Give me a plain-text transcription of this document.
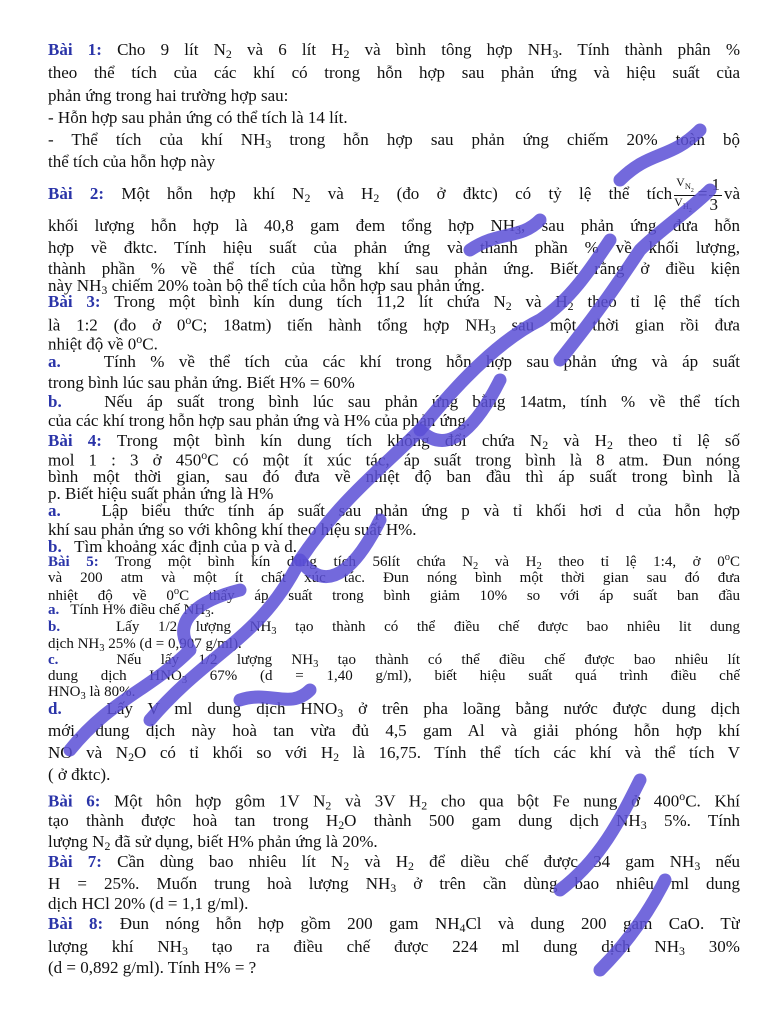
Bài 1: Cho 9 lít $N_2$ và 6 lít $H_2$ và bình tông hợp $NH_3$. Tính thành phân %
theo thể tích của các khí có trong hỗn hợp sau phản ứng và hiệu suất của
phản ứng trong hai trường hợp sau:
- Hỗn hợp sau phản ứng có thể tích là 14 lít.
- Thể tích của khí $NH_3$ trong hỗn hợp sau phản ứng chiếm 20% toàn bộ
thể tích của hỗn hợp này
Bài 2: Một hỗn hợp khí $N_2$ và $H_2$ (đo ở đktc) có tỷ lệ thể tích $\frac{V_{N_2}}{V_{H_2}} = \frac{1}{3}$ và
khối lượng hỗn hợp là 40,8 gam đem tổng hợp $NH_3$, sau phản ứng đưa hỗn
hợp về đktc. Tính hiệu suất của phản ứng và thành phần % về khối lượng,
thành phần % về thể tích của từng khí sau phản ứng. Biết rằng ở điều kiện
này $NH_3$ chiếm 20% toàn bộ thể tích của hỗn hợp sau phản ứng.
Bài 3: Trong một bình kín dung tích 11,2 lít chứa $N_2$ và $H_2$ theo tỉ lệ thể tích
là 1:2 (đo ở 0$^o$C; 18atm) tiến hành tổng hợp $NH_3$ sau một thời gian rồi đưa
nhiệt độ về 0$^o$C.
a.	Tính % về thể tích của các khí trong hỗn hợp sau phản ứng và áp suất
trong bình lúc sau phản ứng. Biết H% = 60%
b.	Nếu áp suất trong bình lúc sau phản ứng bằng 14atm, tính % về thể tích
của các khí trong hỗn hợp sau phản ứng và H% của phản ứng.
Bài 4: Trong một bình kín dung tích không đổi chứa $N_2$ và $H_2$ theo tỉ lệ số
mol 1 : 3 ở 450$^o$C có một ít xúc tác, áp suất trong bình là 8 atm. Đun nóng
bình một thời gian, sau đó đưa về nhiệt độ ban đầu thì áp suất trong bình là
p. Biết hiệu suất phản ứng là H%
a. Lập biểu thức tính áp suất sau phản ứng p và tỉ khối hơi d của hỗn hợp
khí sau phản ứng so với không khí theo hiệu suất H%.
b. Tìm khoảng xác định của p và d.
Bài 5: Trong một bình kín dung tích 56lít chứa $N_2$ và $H_2$ theo tỉ lệ 1:4, ở 0$^o$C
và 200 atm và một ít chất xúc tác. Đun nóng bình một thời gian sau đó đưa
nhiệt độ về 0$^o$C thấy áp suất trong bình giảm 10% so với áp suất ban đầu
a. Tính H% điều chế $NH_3$.
b.	Lấy 1/2 lượng $NH_3$ tạo thành có thể điều chế được bao nhiêu lit dung
dịch $NH_3$ 25% (d = 0,907 g/ml).
c.	Nếu lấy 1/2 lượng $NH_3$ tạo thành có thể điều chế được bao nhiêu lít
dung dịch $HNO_3$ 67% (d = 1,40 g/ml), biết hiệu suất quá trình điều chế
$HNO_3$ là 80%.
d.	Lấy V ml dung dịch $HNO_3$ ở trên pha loãng bằng nước được dung dịch
mới, dung dịch này hoà tan vừa đủ 4,5 gam Al và giải phóng hỗn hợp khí
NO và $N_2O$ có tỉ khối so với $H_2$ là 16,75. Tính thể tích các khí và thể tích V
( ở đktc).
Bài 6: Một hôn hợp gôm 1V $N_2$ và 3V $H_2$ cho qua bột Fe nung ở 400$^o$C. Khí
tạo thành được hoà tan trong $H_2O$ thành 500 gam dung dịch $NH_3$ 5%. Tính
lượng $N_2$ đã sử dụng, biết H% phản ứng là 20%.
Bài 7: Cần dùng bao nhiêu lít $N_2$ và $H_2$ để diều chế được 34 gam $NH_3$ nếu
H = 25%. Muốn trung hoà lượng $NH_3$ ở trên cần dùng bao nhiêu ml dung
dịch HCl 20% (d = 1,1 g/ml).
Bài 8: Đun nóng hỗn hợp gồm 200 gam $NH_4Cl$ và dung 200 gam CaO. Từ
lượng khí $NH_3$ tạo ra điều chế được 224 ml dung dịch $NH_3$ 30%
(d = 0,892 g/ml). Tính H% = ?
